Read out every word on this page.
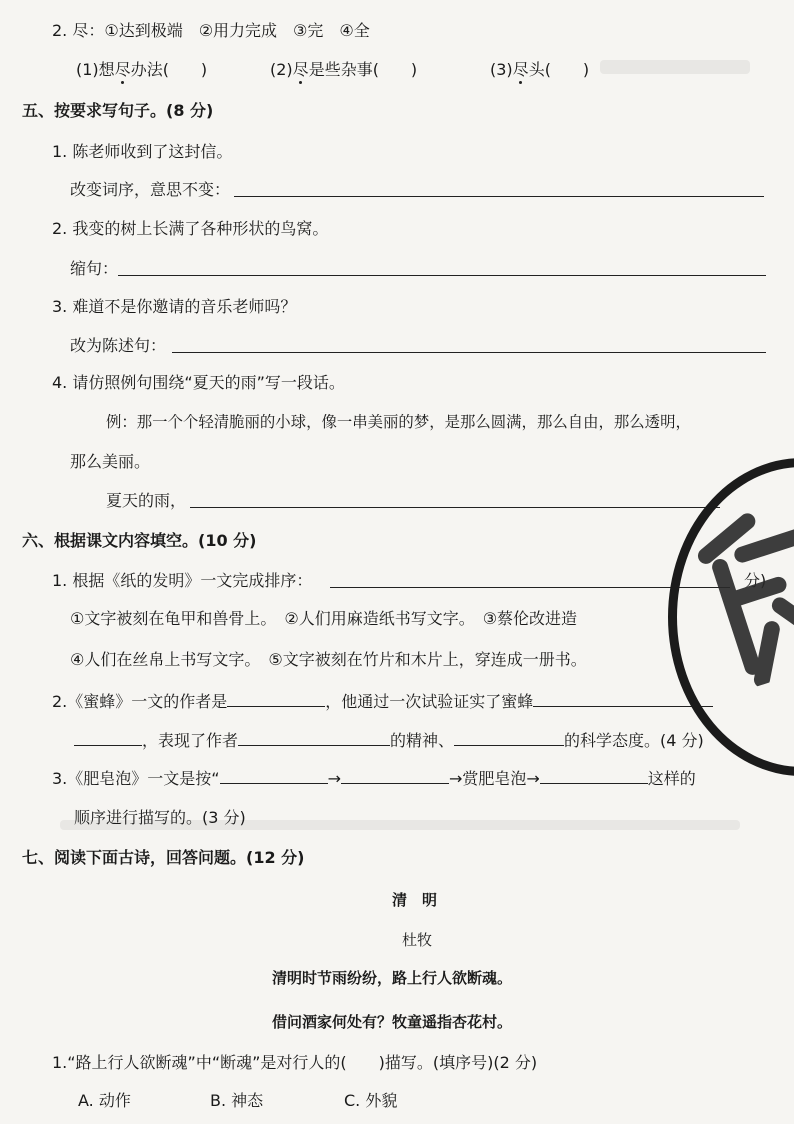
2. 尽：①达到极端　②用力完成　③完　④全
(1)想尽办法(　　)	(2)尽是些杂事(　　)	(3)尽头(　　)
五、按要求写句子。(8 分)
1. 陈老师收到了这封信。
改变词序，意思不变：
2. 我变的树上长满了各种形状的鸟窝。
缩句：
3. 难道不是你邀请的音乐老师吗？
改为陈述句：
4. 请仿照例句围绕“夏天的雨”写一段话。
例：那一个个轻清脆丽的小球，像一串美丽的梦，是那么圆满，那么自由，那么透明，
那么美丽。
夏天的雨，
六、根据课文内容填空。(10 分)
1. 根据《纸的发明》一文完成排序：	分)
①文字被刻在龟甲和兽骨上。　②人们用麻造纸书写文字。　③蔡伦改进造
④人们在丝帛上书写文字。　⑤文字被刻在竹片和木片上，穿连成一册书。
2.《蜜蜂》一文的作者是	，他通过一次试验证实了蜜蜂
，表现了作者	的精神、	的科学态度。(4 分)
3.《肥皂泡》一文是按“	→	→赏肥皂泡→	这样的
顺序进行描写的。(3 分)
七、阅读下面古诗，回答问题。(12 分)
清　明
杜牧
清明时节雨纷纷，路上行人欲断魂。
借问酒家何处有？牧童遥指杏花村。
1.“路上行人欲断魂”中“断魂”是对行人的(　　)描写。(填序号)(2 分)
A. 动作	B. 神态	C. 外貌
